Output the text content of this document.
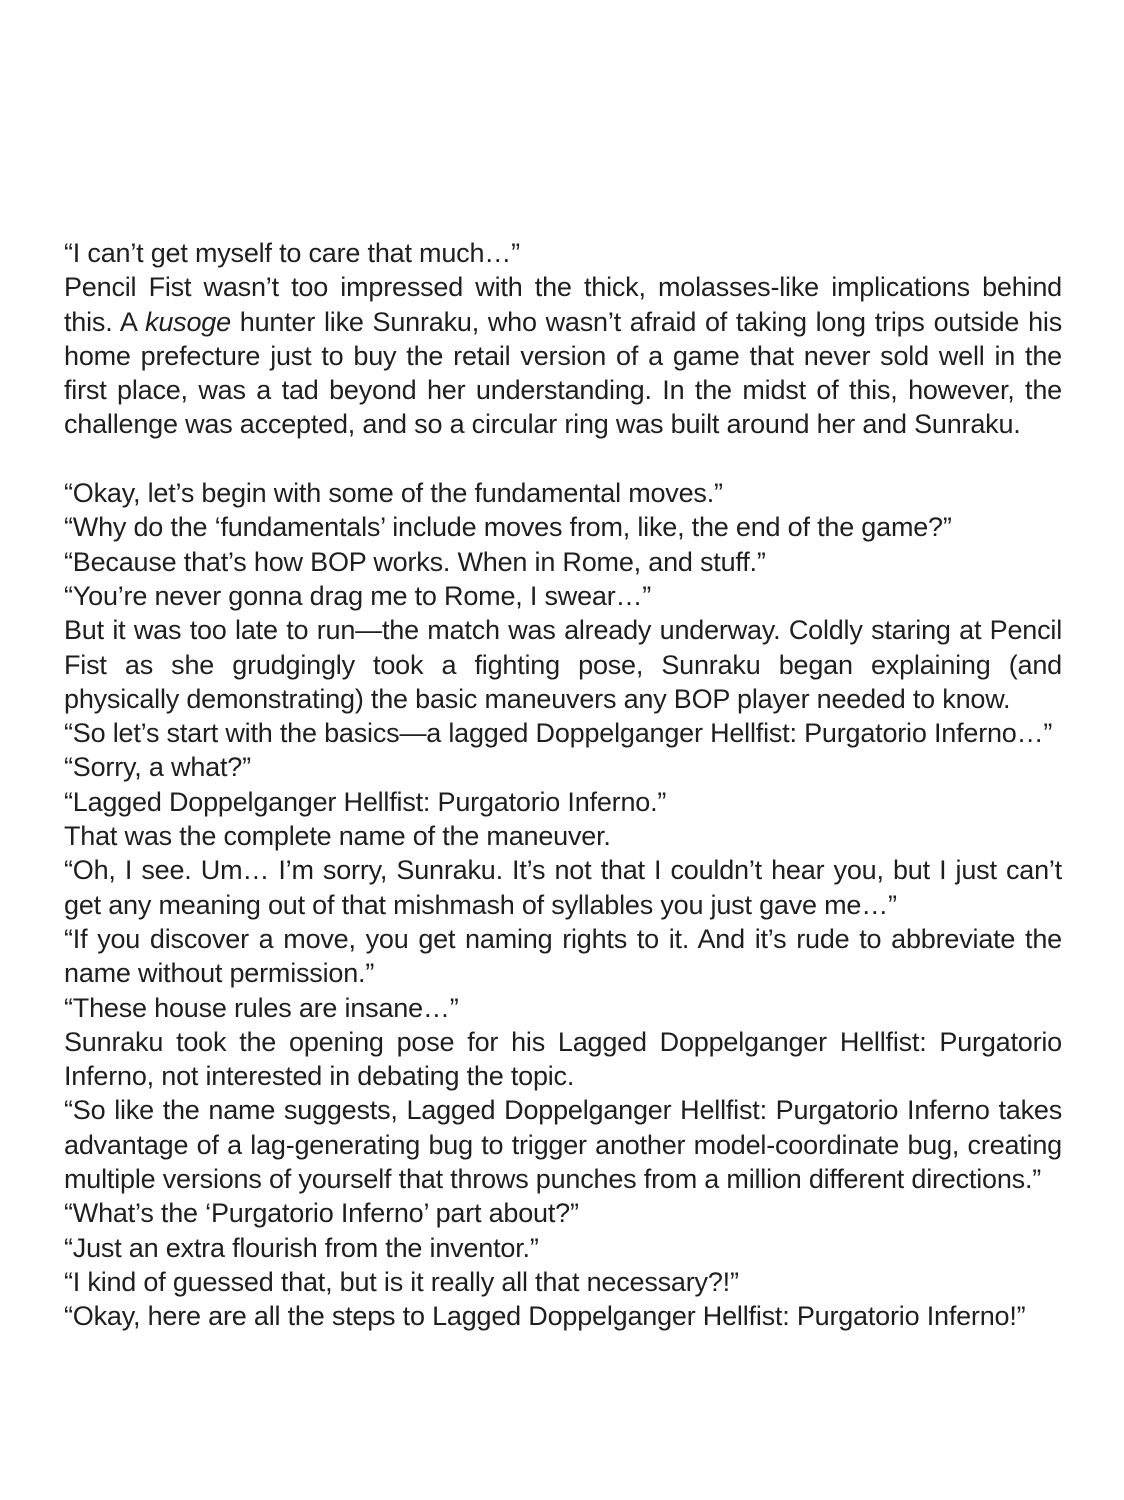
“I can’t get myself to care that much…”

Pencil Fist wasn’t too impressed with the thick, molasses-like implications behind this. A kusoge hunter like Sunraku, who wasn’t afraid of taking long trips outside his home prefecture just to buy the retail version of a game that never sold well in the first place, was a tad beyond her understanding. In the midst of this, however, the challenge was accepted, and so a circular ring was built around her and Sunraku.

“Okay, let’s begin with some of the fundamental moves.”

“Why do the ‘fundamentals’ include moves from, like, the end of the game?”

“Because that’s how BOP works. When in Rome, and stuff.”

“You’re never gonna drag me to Rome, I swear…”

But it was too late to run—the match was already underway. Coldly staring at Pencil Fist as she grudgingly took a fighting pose, Sunraku began explaining (and physically demonstrating) the basic maneuvers any BOP player needed to know.

“So let’s start with the basics—a lagged Doppelganger Hellfist: Purgatorio Inferno…”

“Sorry, a what?”

“Lagged Doppelganger Hellfist: Purgatorio Inferno.”

That was the complete name of the maneuver.

“Oh, I see. Um… I’m sorry, Sunraku. It’s not that I couldn’t hear you, but I just can’t get any meaning out of that mishmash of syllables you just gave me…”

“If you discover a move, you get naming rights to it. And it’s rude to abbreviate the name without permission.”

“These house rules are insane…”

Sunraku took the opening pose for his Lagged Doppelganger Hellfist: Purgatorio Inferno, not interested in debating the topic.

“So like the name suggests, Lagged Doppelganger Hellfist: Purgatorio Inferno takes advantage of a lag-generating bug to trigger another model-coordinate bug, creating multiple versions of yourself that throws punches from a million different directions.”

“What’s the ‘Purgatorio Inferno’ part about?”

“Just an extra flourish from the inventor.”

“I kind of guessed that, but is it really all that necessary?!”

“Okay, here are all the steps to Lagged Doppelganger Hellfist: Purgatorio Inferno!”
